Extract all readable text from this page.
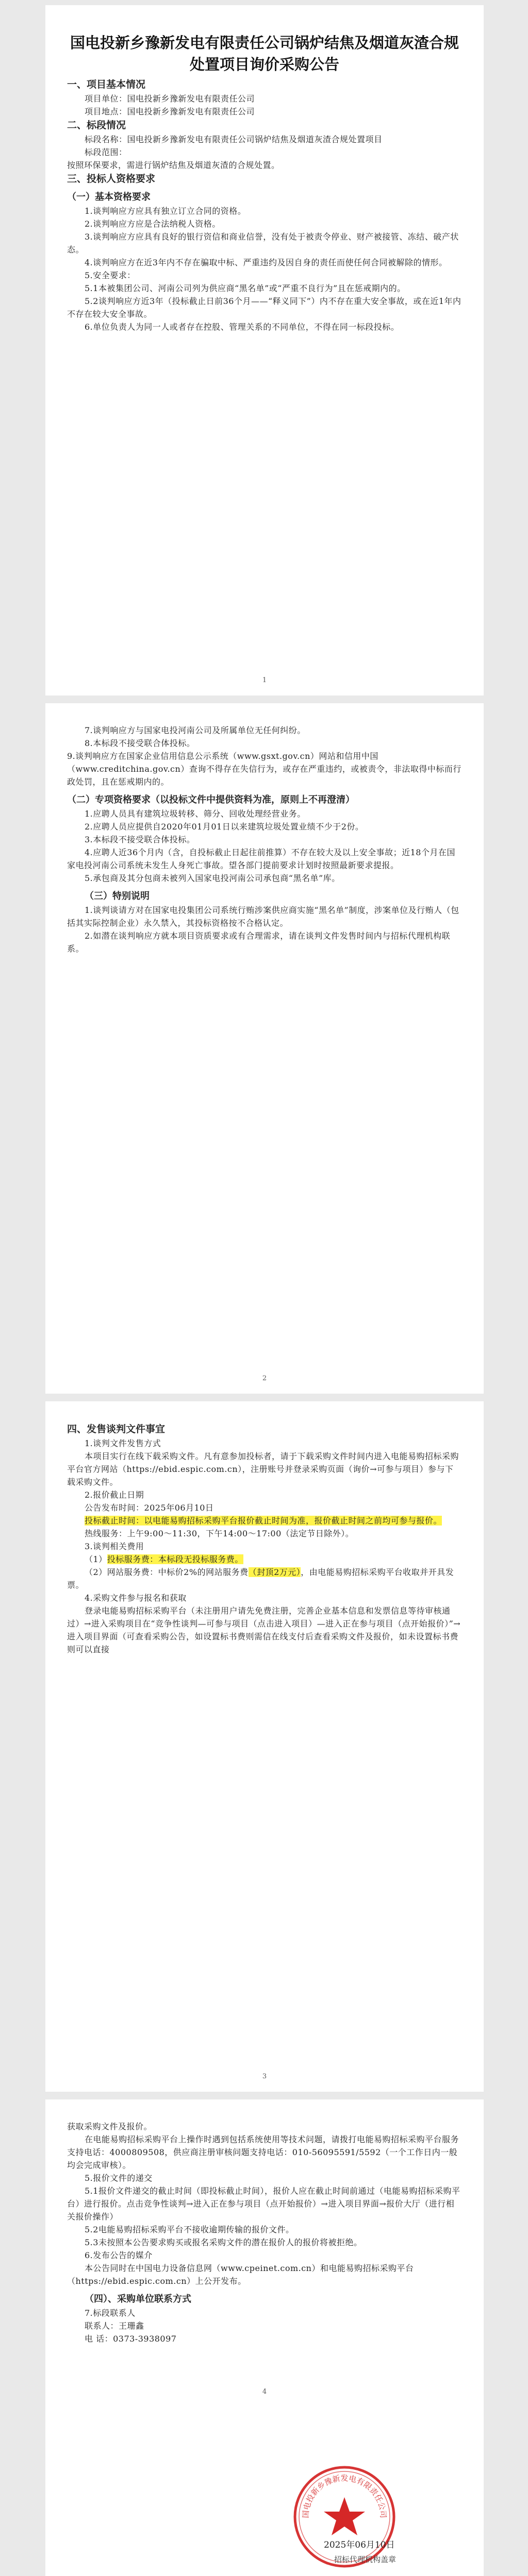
国电投新乡豫新发电有限责任公司锅炉结焦及烟道灰渣合规处置项目询价采购公告
一、项目基本情况

项目单位：国电投新乡豫新发电有限责任公司

项目地点：国电投新乡豫新发电有限责任公司

二、标段情况

标段名称：国电投新乡豫新发电有限责任公司锅炉结焦及烟道灰渣合规处置项目

标段范围：

按照环保要求，需进行锅炉结焦及烟道灰渣的合规处置。

三、投标人资格要求
（一）基本资格要求

1.谈判响应方应具有独立订立合同的资格。

2.谈判响应方应是合法纳税人资格。

3.谈判响应方应具有良好的银行资信和商业信誉，没有处于被责令停业、财产被接管、冻结、破产状态。

4.谈判响应方在近3年内不存在骗取中标、严重违约及因自身的责任而使任何合同被解除的情形。

5.安全要求：

5.1本被集团公司、河南公司列为供应商“黑名单”或“严重不良行为”且在惩戒期内的。

5.2谈判响应方近3年（投标截止日前36个月——“释义同下”）内不存在重大安全事故，或在近1年内不存在较大安全事故。

6.单位负责人为同一人或者存在控股、管理关系的不同单位，不得在同一标段投标。

1

7.谈判响应方与国家电投河南公司及所属单位无任何纠纷。

8.本标段不接受联合体投标。

9.谈判响应方在国家企业信用信息公示系统（www.gsxt.gov.cn）网站和信用中国（www.creditchina.gov.cn）查询不得存在失信行为，或存在严重违约，或被责令，非法取得中标而行政处罚，且在惩戒期内的。

（二）专项资格要求（以投标文件中提供资料为准，原则上不再澄清）

1.应聘人员具有建筑垃圾转移、筛分、回收处理经营业务。

2.应聘人员应提供自2020年01月01日以来建筑垃圾处置业绩不少于2份。

3.本标段不接受联合体投标。

4.应聘人近36个月内（含，自投标截止日起往前推算）不存在较大及以上安全事故；近18个月在国家电投河南公司系统未发生人身死亡事故。望各部门提前要求计划时按照最新要求提报。

5.承包商及其分包商未被列入国家电投河南公司承包商“黑名单”库。

（三）特别说明

1.谈判谈请方对在国家电投集团公司系统行贿涉案供应商实施“黑名单”制度，涉案单位及行贿人（包括其实际控制企业）永久禁入，其投标资格按不合格认定。

2.如潜在谈判响应方就本项目资质要求或有合理需求，请在谈判文件发售时间内与招标代理机构联系。

2
四、发售谈判文件事宜

1.谈判文件发售方式

本项目实行在线下载采购文件。凡有意参加投标者，请于下载采购文件时间内进入电能易购招标采购平台官方网站（https://ebid.espic.com.cn），注册账号并登录采购页面（询价→可参与项目）参与下载采购文件。

2.报价截止日期

公告发布时间：2025年06月10日

投标截止时间：以电能易购招标采购平台报价截止时间为准，报价截止时间之前均可参与报价。

热线服务：上午9:00～11:30，下午14:00～17:00（法定节日除外）。

3.谈判相关费用

（1）投标服务费：本标段无投标服务费。

（2）网站服务费：中标价2%的网站服务费（封顶2万元），由电能易购招标采购平台收取并开具发票。

4.采购文件参与报名和获取

登录电能易购招标采购平台（未注册用户请先免费注册，完善企业基本信息和发票信息等待审核通过）→进入采购项目在“竞争性谈判—可参与项目（点击进入项目）—进入正在参与项目（点开始报价）”→进入项目界面（可查看采购公告，如设置标书费则需信在线支付后查看采购文件及报价，如未设置标书费则可以直接

3

获取采购文件及报价。

在电能易购招标采购平台上操作时遇到包括系统使用等技术问题，请拨打电能易购招标采购平台服务支持电话：4000809508，供应商注册审核问题支持电话：010-56095591/5592（一个工作日内一般均会完成审核）。

5.报价文件的递交

5.1报价文件递交的截止时间（即投标截止时间），报价人应在截止时间前通过（电能易购招标采购平台）进行报价。点击竞争性谈判→进入正在参与项目（点开始报价）→进入项目界面→报价大厅（进行相关报价操作）

5.2电能易购招标采购平台不接收逾期传输的报价文件。

5.3未按照本公告要求购买或报名采购文件的潜在报价人的报价将被拒绝。

6.发布公告的媒介

本公告同时在中国电力设备信息网（www.cpeinet.com.cn）和电能易购招标采购平台（https://ebid.espic.com.cn）上公开发布。

（四）、采购单位联系方式

7.标段联系人

联系人：王珊鑫

电 话：0373-3938097

4
国电投新乡豫新发电有限责任公司
2025年06月10日
招标代理机构盖章
